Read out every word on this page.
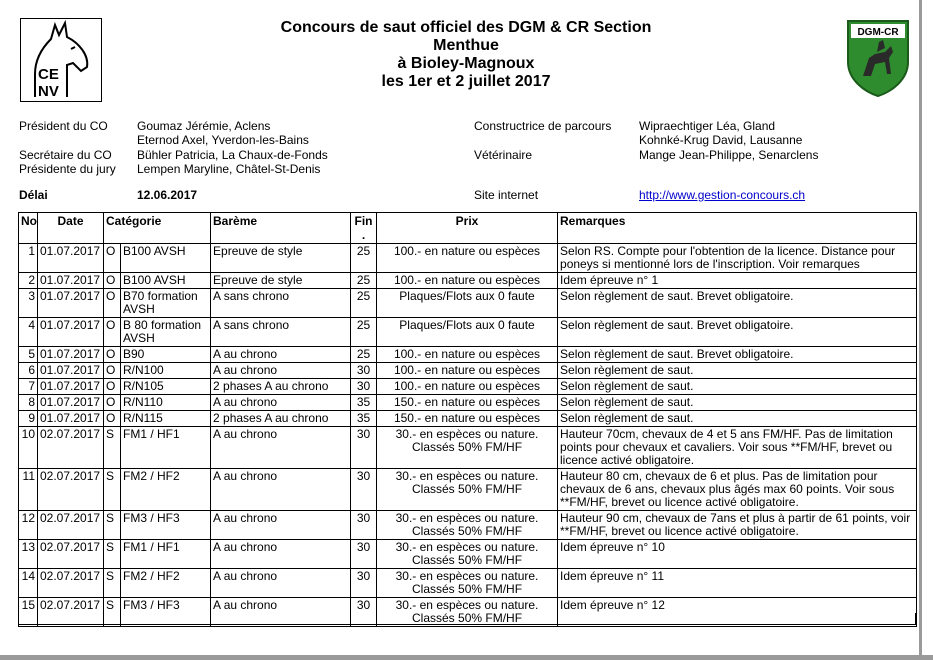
CE
NV
DGM-CR
Concours de saut officiel des DGM & CR Section
Menthue
à Bioley-Magnoux
les 1er et 2 juillet 2017
Président du CO Goumaz Jérémie, Aclens
Eternod Axel, Yverdon-les-Bains
Secrétaire du CO Bühler Patricia, La Chaux-de-Fonds
Présidente du jury Lempen Maryline, Châtel-St-Denis
Constructrice de parcours Wipraechtiger Léa, Gland
Kohnké-Krug David, Lausanne
Vétérinaire	Mange Jean-Philippe, Senarclens
Délai	12.06.2017	Site internet	http://www.gestion-concours.ch
No	Date	Catégorie		Barème	Fin .	Prix	Remarques
1	01.07.2017	O	B100 AVSH	Epreuve de style	25	100.- en nature ou espèces	Selon RS. Compte pour l'obtention de la licence. Distance pour poneys si mentionné lors de l'inscription. Voir remarques
2	01.07.2017	O	B100 AVSH	Epreuve de style	25	100.- en nature ou espèces	Idem épreuve n° 1
3	01.07.2017	O	B70 formation AVSH	A sans chrono	25	Plaques/Flots aux 0 faute	Selon règlement de saut. Brevet obligatoire.
4	01.07.2017	O	B 80 formation AVSH	A sans chrono	25	Plaques/Flots aux 0 faute	Selon règlement de saut. Brevet obligatoire.
5	01.07.2017	O	B90	A au chrono	25	100.- en nature ou espèces	Selon règlement de saut. Brevet obligatoire.
6	01.07.2017	O	R/N100	A au chrono	30	100.- en nature ou espèces	Selon règlement de saut.
7	01.07.2017	O	R/N105	2 phases A au chrono	30	100.- en nature ou espèces	Selon règlement de saut.
8	01.07.2017	O	R/N110	A au chrono	35	150.- en nature ou espèces	Selon règlement de saut.
9	01.07.2017	O	R/N115	2 phases A au chrono	35	150.- en nature ou espèces	Selon règlement de saut.
10	02.07.2017	S	FM1 / HF1	A au chrono	30	30.- en espèces ou nature. Classés 50% FM/HF	Hauteur 70cm, chevaux de 4 et 5 ans FM/HF. Pas de limitation points pour chevaux et cavaliers. Voir sous **FM/HF, brevet ou licence activé obligatoire.
11	02.07.2017	S	FM2 / HF2	A au chrono	30	30.- en espèces ou nature. Classés 50% FM/HF	Hauteur 80 cm, chevaux de 6 et plus. Pas de limitation pour chevaux de 6 ans, chevaux plus âgés max 60 points. Voir sous **FM/HF, brevet ou licence activé obligatoire.
12	02.07.2017	S	FM3 / HF3	A au chrono	30	30.- en espèces ou nature. Classés 50% FM/HF	Hauteur 90 cm, chevaux de 7ans et plus à partir de 61 points, voir **FM/HF, brevet ou licence activé obligatoire.
13	02.07.2017	S	FM1 / HF1	A au chrono	30	30.- en espèces ou nature. Classés 50% FM/HF	Idem épreuve n° 10
14	02.07.2017	S	FM2 / HF2	A au chrono	30	30.- en espèces ou nature. Classés 50% FM/HF	Idem épreuve n° 11
15	02.07.2017	S	FM3 / HF3	A au chrono	30	30.- en espèces ou nature. Classés 50% FM/HF	Idem épreuve n° 12
